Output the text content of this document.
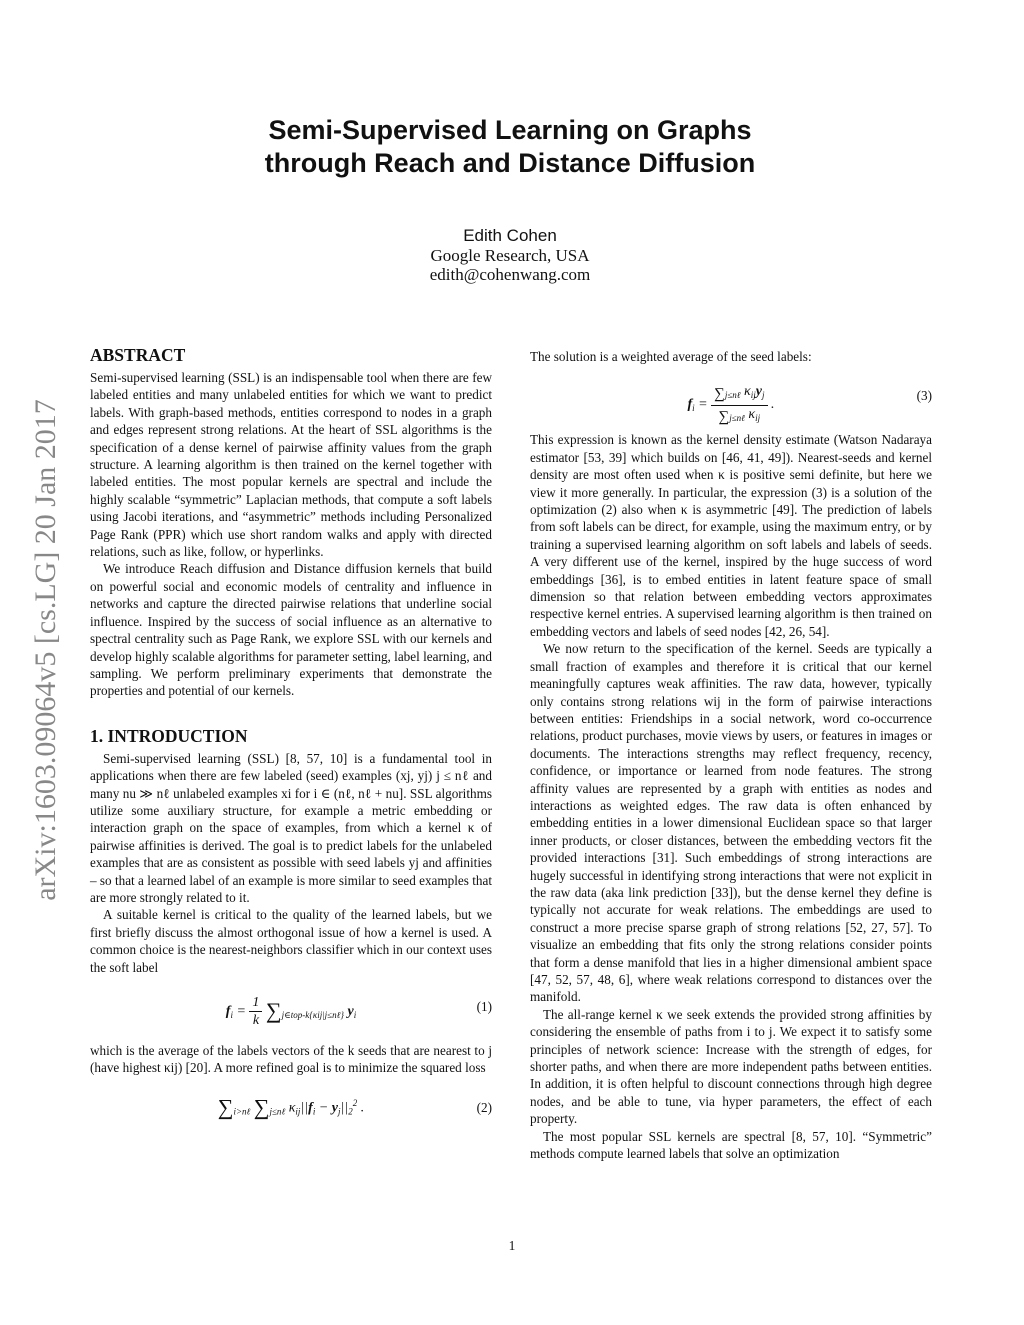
arXiv:1603.09064v5 [cs.LG] 20 Jan 2017
Semi-Supervised Learning on Graphs
through Reach and Distance Diffusion
Edith Cohen
Google Research, USA
edith@cohenwang.com
ABSTRACT

Semi-supervised learning (SSL) is an indispensable tool when there are few labeled entities and many unlabeled entities for which we want to predict labels. With graph-based methods, entities correspond to nodes in a graph and edges represent strong relations. At the heart of SSL algorithms is the specification of a dense kernel of pairwise affinity values from the graph structure. A learning algorithm is then trained on the kernel together with labeled entities. The most popular kernels are spectral and include the highly scalable “symmetric” Laplacian methods, that compute a soft labels using Jacobi iterations, and “asymmetric” methods including Personalized Page Rank (PPR) which use short random walks and apply with directed relations, such as like, follow, or hyperlinks.

We introduce Reach diffusion and Distance diffusion kernels that build on powerful social and economic models of centrality and influence in networks and capture the directed pairwise relations that underline social influence. Inspired by the success of social influence as an alternative to spectral centrality such as Page Rank, we explore SSL with our kernels and develop highly scalable algorithms for parameter setting, label learning, and sampling. We perform preliminary experiments that demonstrate the properties and potential of our kernels.

1. INTRODUCTION

Semi-supervised learning (SSL) [8, 57, 10] is a fundamental tool in applications when there are few labeled (seed) examples (xj, yj) j ≤ nℓ and many nu ≫ nℓ unlabeled examples xi for i ∈ (nℓ, nℓ + nu]. SSL algorithms utilize some auxiliary structure, for example a metric embedding or interaction graph on the space of examples, from which a kernel κ of pairwise affinities is derived. The goal is to predict labels for the unlabeled examples that are as consistent as possible with seed labels yj and affinities – so that a learned label of an example is more similar to seed examples that are more strongly related to it.

A suitable kernel is critical to the quality of the learned labels, but we first briefly discuss the almost orthogonal issue of how a kernel is used. A common choice is the nearest-neighbors classifier which in our context uses the soft label

$f_i = \frac{1}{k} \sum_{j\in top-k\{\kappa ij|j\le n\ell\}}$ $y_i$
(1)

which is the average of the labels vectors of the k seeds that are nearest to j (have highest κij) [20]. A more refined goal is to minimize the squared loss

$\sum_{i>n\ell}$ $\sum_{j\le n\ell}$ $\kappa_{ij}||f_i - y_j||_2^2$ .	(2)

The solution is a weighted average of the seed labels:

$f_i = \frac{\sum_{j\le n\ell} \kappa_{ij}y_j}{\sum_{j\le n\ell} \kappa_{ij}}$ .
(3)

This expression is known as the kernel density estimate (Watson Nadaraya estimator [53, 39] which builds on [46, 41, 49]). Nearest-seeds and kernel density are most often used when κ is positive semi definite, but here we view it more generally. In particular, the expression (3) is a solution of the optimization (2) also when κ is asymmetric [49]. The prediction of labels from soft labels can be direct, for example, using the maximum entry, or by training a supervised learning algorithm on soft labels and labels of seeds. A very different use of the kernel, inspired by the huge success of word embeddings [36], is to embed entities in latent feature space of small dimension so that relation between embedding vectors approximates respective kernel entries. A supervised learning algorithm is then trained on embedding vectors and labels of seed nodes [42, 26, 54].

We now return to the specification of the kernel. Seeds are typically a small fraction of examples and therefore it is critical that our kernel meaningfully captures weak affinities. The raw data, however, typically only contains strong relations wij in the form of pairwise interactions between entities: Friendships in a social network, word co-occurrence relations, product purchases, movie views by users, or features in images or documents. The interactions strengths may reflect frequency, recency, confidence, or importance or learned from node features. The strong affinity values are represented by a graph with entities as nodes and interactions as weighted edges. The raw data is often enhanced by embedding entities in a lower dimensional Euclidean space so that larger inner products, or closer distances, between the embedding vectors fit the provided interactions [31]. Such embeddings of strong interactions are hugely successful in identifying strong interactions that were not explicit in the raw data (aka link prediction [33]), but the dense kernel they define is typically not accurate for weak relations. The embeddings are used to construct a more precise sparse graph of strong relations [52, 27, 57]. To visualize an embedding that fits only the strong relations consider points that form a dense manifold that lies in a higher dimensional ambient space [47, 52, 57, 48, 6], where weak relations correspond to distances over the manifold.

The all-range kernel κ we seek extends the provided strong affinities by considering the ensemble of paths from i to j. We expect it to satisfy some principles of network science: Increase with the strength of edges, for shorter paths, and when there are more independent paths between entities. In addition, it is often helpful to discount connections through high degree nodes, and be able to tune, via hyper parameters, the effect of each property.

The most popular SSL kernels are spectral [8, 57, 10]. “Symmetric” methods compute learned labels that solve an optimization

1
